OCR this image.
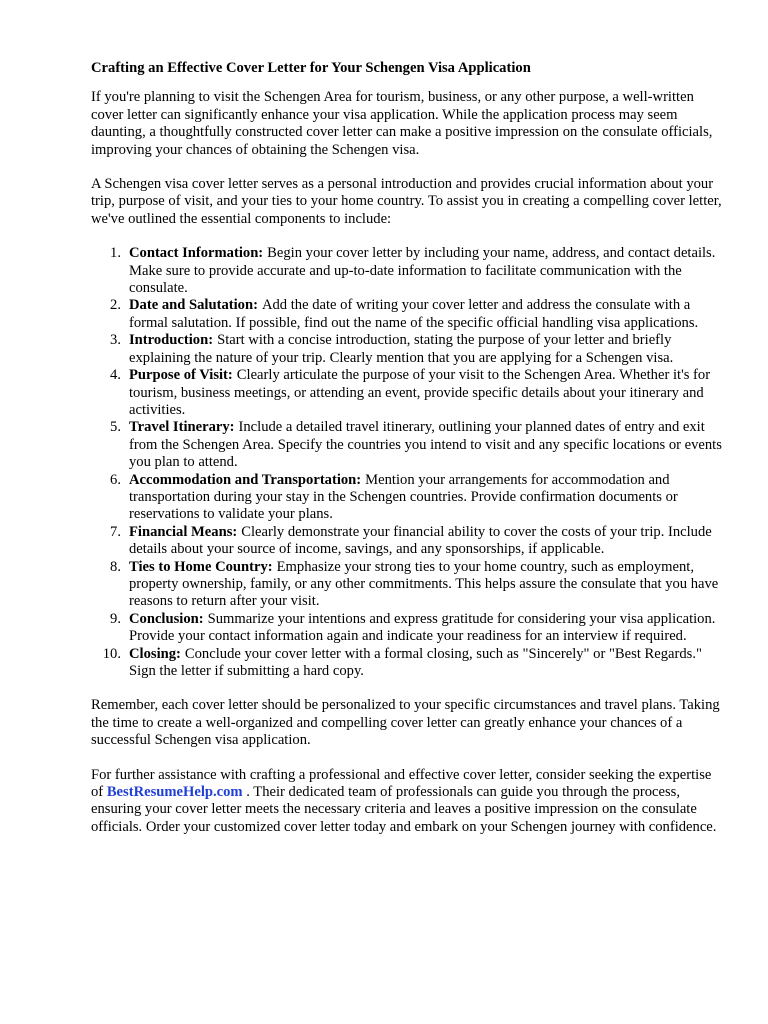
Crafting an Effective Cover Letter for Your Schengen Visa Application

If you're planning to visit the Schengen Area for tourism, business, or any other purpose, a well-written cover letter can significantly enhance your visa application. While the application process may seem daunting, a thoughtfully constructed cover letter can make a positive impression on the consulate officials, improving your chances of obtaining the Schengen visa.

A Schengen visa cover letter serves as a personal introduction and provides crucial information about your trip, purpose of visit, and your ties to your home country. To assist you in creating a compelling cover letter, we've outlined the essential components to include:

1. Contact Information: Begin your cover letter by including your name, address, and contact details. Make sure to provide accurate and up-to-date information to facilitate communication with the consulate.
2. Date and Salutation: Add the date of writing your cover letter and address the consulate with a formal salutation. If possible, find out the name of the specific official handling visa applications.
3. Introduction: Start with a concise introduction, stating the purpose of your letter and briefly explaining the nature of your trip. Clearly mention that you are applying for a Schengen visa.
4. Purpose of Visit: Clearly articulate the purpose of your visit to the Schengen Area. Whether it's for tourism, business meetings, or attending an event, provide specific details about your itinerary and activities.
5. Travel Itinerary: Include a detailed travel itinerary, outlining your planned dates of entry and exit from the Schengen Area. Specify the countries you intend to visit and any specific locations or events you plan to attend.
6. Accommodation and Transportation: Mention your arrangements for accommodation and transportation during your stay in the Schengen countries. Provide confirmation documents or reservations to validate your plans.
7. Financial Means: Clearly demonstrate your financial ability to cover the costs of your trip. Include details about your source of income, savings, and any sponsorships, if applicable.
8. Ties to Home Country: Emphasize your strong ties to your home country, such as employment, property ownership, family, or any other commitments. This helps assure the consulate that you have reasons to return after your visit.
9. Conclusion: Summarize your intentions and express gratitude for considering your visa application. Provide your contact information again and indicate your readiness for an interview if required.
10. Closing: Conclude your cover letter with a formal closing, such as "Sincerely" or "Best Regards." Sign the letter if submitting a hard copy.

Remember, each cover letter should be personalized to your specific circumstances and travel plans. Taking the time to create a well-organized and compelling cover letter can greatly enhance your chances of a successful Schengen visa application.

For further assistance with crafting a professional and effective cover letter, consider seeking the expertise of BestResumeHelp.com . Their dedicated team of professionals can guide you through the process, ensuring your cover letter meets the necessary criteria and leaves a positive impression on the consulate officials. Order your customized cover letter today and embark on your Schengen journey with confidence.
